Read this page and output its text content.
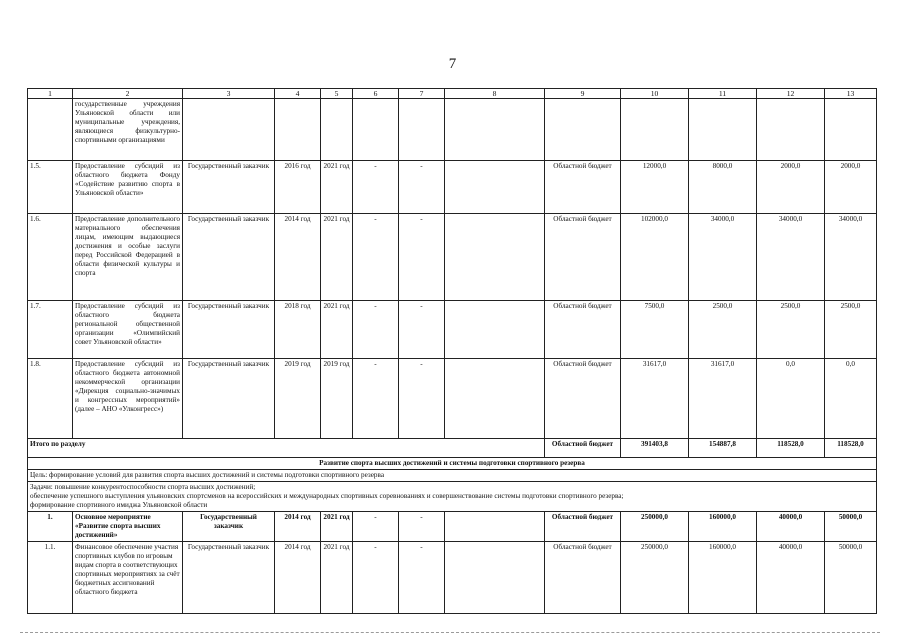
7
1	2	3	4	5	6	7	8	9	10	11	12	13
	государственные учреждения Ульяновской области или муниципальные учреждения, являющиеся физкультурно-спортивными организациями											
1.5.	Предоставление субсидий из областного бюджета Фонду «Содействие развитию спорта в Ульяновской области»	Государственный заказчик	2016 год	2021 год	-	-		Областной бюджет	12000,0	8000,0	2000,0	2000,0
1.6.	Предоставление дополнительного материального обеспечения лицам, имеющим выдающиеся достижения и особые заслуги перед Российской Федерацией в области физической культуры и спорта	Государственный заказчик	2014 год	2021 год	-	-		Областной бюджет	102000,0	34000,0	34000,0	34000,0
1.7.	Предоставление субсидий из областного бюджета региональной общественной организации «Олимпийский совет Ульяновской области»	Государственный заказчик	2018 год	2021 год	-	-		Областной бюджет	7500,0	2500,0	2500,0	2500,0
1.8.	Предоставление субсидий из областного бюджета автономной некоммерческой организации «Дирекция социально-значимых и конгрессных мероприятий» (далее – АНО «Улконгресс»)	Государственный заказчик	2019 год	2019 год	-	-		Областной бюджет	31617,0	31617,0	0,0	0,0
Итого по разделу								Областной бюджет	391403,8	154887,8	118528,0	118528,0
Развитие спорта высших достижений и системы подготовки спортивного резерва												
Цель: формирование условий для развития спорта высших достижений и системы подготовки спортивного резерва												
Задачи: повышение конкурентоспособности спорта высших достижений;
обеспечение успешного выступления ульяновских спортсменов на всероссийских и международных спортивных соревнованиях и совершенствование системы подготовки спортивного резерва;
формирование спортивного имиджа Ульяновской области												
1.	Основное мероприятие «Развитие спорта высших достижений»	Государственный заказчик	2014 год	2021 год	-	-		Областной бюджет	250000,0	160000,0	40000,0	50000,0
1.1.	Финансовое обеспечение участия спортивных клубов по игровым видам спорта в соответствующих спортивных мероприятиях за счёт бюджетных ассигнований областного бюджета	Государственный заказчик	2014 год	2021 год	-	-		Областной бюджет	250000,0	160000,0	40000,0	50000,0
